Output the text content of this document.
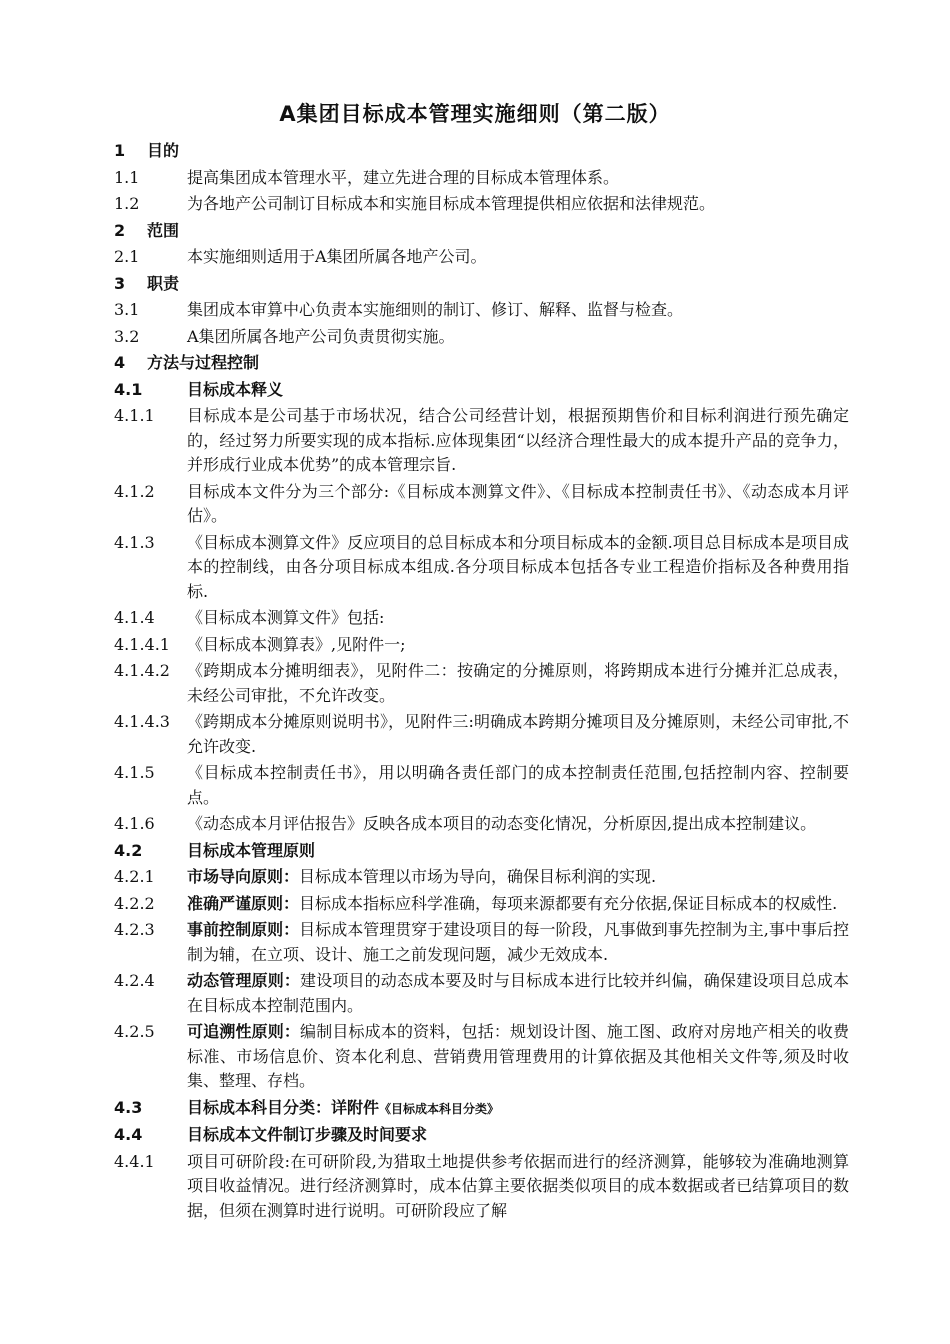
A集团目标成本管理实施细则（第二版）
1 目的
1.1	提高集团成本管理水平，建立先进合理的目标成本管理体系。
1.2	为各地产公司制订目标成本和实施目标成本管理提供相应依据和法律规范。
2 范围
2.1	本实施细则适用于A集团所属各地产公司。
3 职责
3.1	集团成本审算中心负责本实施细则的制订、修订、解释、监督与检查。
3.2	A集团所属各地产公司负责贯彻实施。
4 方法与过程控制
4.1	目标成本释义
4.1.1 目标成本是公司基于市场状况，结合公司经营计划，根据预期售价和目标利润进行预先确定的，经过努力所要实现的成本指标.应体现集团“以经济合理性最大的成本提升产品的竞争力，并形成行业成本优势”的成本管理宗旨.
4.1.2 目标成本文件分为三个部分:《目标成本测算文件》、《目标成本控制责任书》、《动态成本月评估》。
4.1.3 《目标成本测算文件》反应项目的总目标成本和分项目标成本的金额.项目总目标成本是项目成本的控制线，由各分项目标成本组成.各分项目标成本包括各专业工程造价指标及各种费用指标.
4.1.4 《目标成本测算文件》包括:
4.1.4.1 《目标成本测算表》,见附件一;
4.1.4.2 《跨期成本分摊明细表》，见附件二：按确定的分摊原则，将跨期成本进行分摊并汇总成表，未经公司审批，不允许改变。
4.1.4.3 《跨期成本分摊原则说明书》，见附件三:明确成本跨期分摊项目及分摊原则，未经公司审批,不允许改变.
4.1.5 《目标成本控制责任书》，用以明确各责任部门的成本控制责任范围,包括控制内容、控制要点。
4.1.6 《动态成本月评估报告》反映各成本项目的动态变化情况，分析原因,提出成本控制建议。
4.2	目标成本管理原则
4.2.1 市场导向原则：目标成本管理以市场为导向，确保目标利润的实现.
4.2.2 准确严谨原则：目标成本指标应科学准确，每项来源都要有充分依据,保证目标成本的权威性.
4.2.3 事前控制原则：目标成本管理贯穿于建设项目的每一阶段，凡事做到事先控制为主,事中事后控制为辅，在立项、设计、施工之前发现问题，减少无效成本.
4.2.4 动态管理原则：建设项目的动态成本要及时与目标成本进行比较并纠偏，确保建设项目总成本在目标成本控制范围内。
4.2.5 可追溯性原则：编制目标成本的资料，包括：规划设计图、施工图、政府对房地产相关的收费标准、市场信息价、资本化利息、营销费用管理费用的计算依据及其他相关文件等,须及时收集、整理、存档。
4.3	目标成本科目分类：详附件《目标成本科目分类》
4.4	目标成本文件制订步骤及时间要求
4.4.1 项目可研阶段:在可研阶段,为猎取土地提供参考依据而进行的经济测算，能够较为准确地测算项目收益情况。进行经济测算时，成本估算主要依据类似项目的成本数据或者已结算项目的数据，但须在测算时进行说明。可研阶段应了解
